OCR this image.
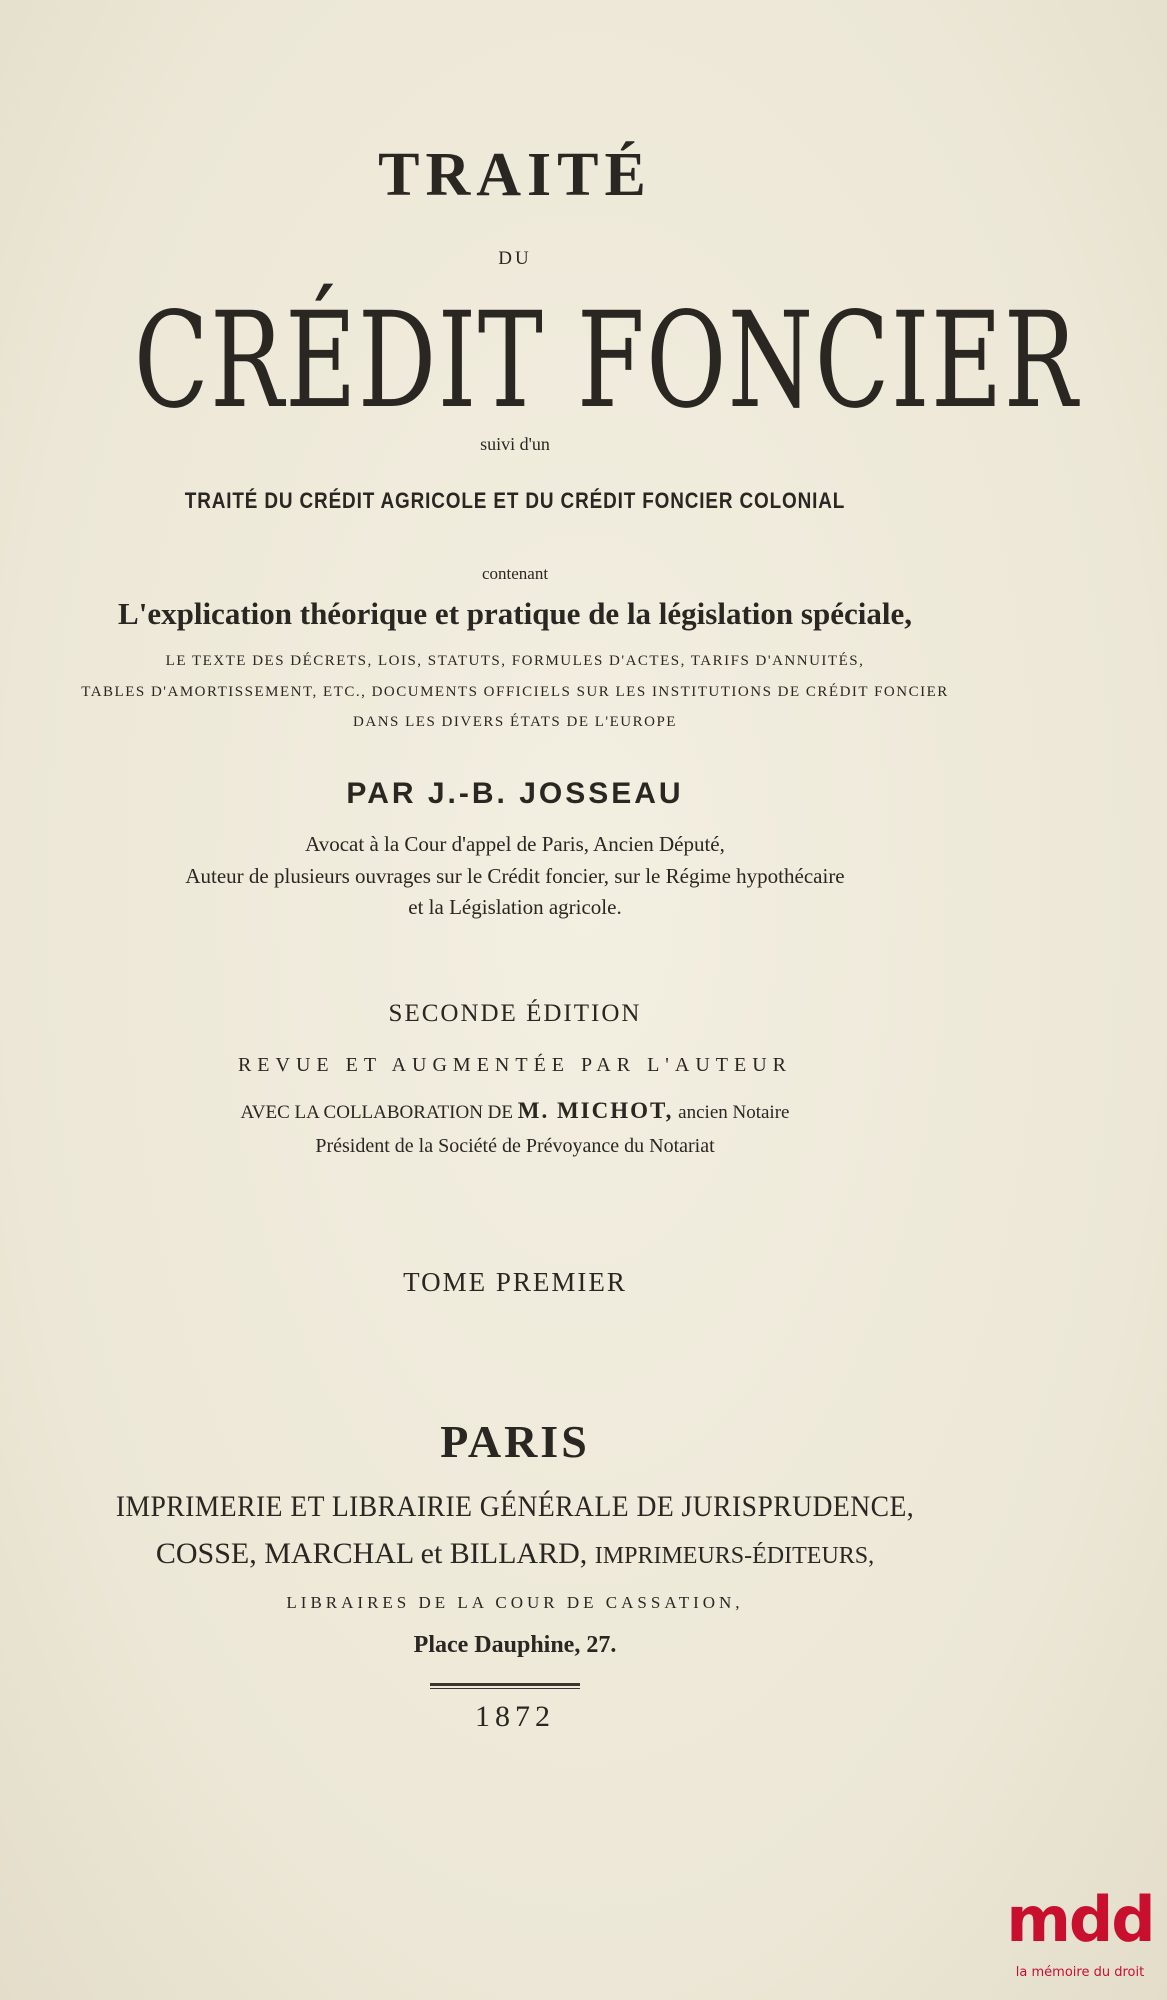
TRAITÉ
DU
CRÉDIT FONCIER
suivi d'un
TRAITÉ DU CRÉDIT AGRICOLE ET DU CRÉDIT FONCIER COLONIAL
contenant
L'explication théorique et pratique de la législation spéciale,
LE TEXTE DES DÉCRETS, LOIS, STATUTS, FORMULES D'ACTES, TARIFS D'ANNUITÉS,
TABLES D'AMORTISSEMENT, ETC., DOCUMENTS OFFICIELS SUR LES INSTITUTIONS DE CRÉDIT FONCIER
DANS LES DIVERS ÉTATS DE L'EUROPE
PAR J.-B. JOSSEAU
Avocat à la Cour d'appel de Paris, Ancien Député,
Auteur de plusieurs ouvrages sur le Crédit foncier, sur le Régime hypothécaire
et la Législation agricole.
SECONDE ÉDITION
REVUE ET AUGMENTÉE PAR L'AUTEUR
AVEC LA COLLABORATION DE M. MICHOT, ancien Notaire
Président de la Société de Prévoyance du Notariat
TOME PREMIER
PARIS
IMPRIMERIE ET LIBRAIRIE GÉNÉRALE DE JURISPRUDENCE,
COSSE, MARCHAL et BILLARD, IMPRIMEURS-ÉDITEURS,
LIBRAIRES DE LA COUR DE CASSATION,
Place Dauphine, 27.
1872
mdd
la mémoire du droit
